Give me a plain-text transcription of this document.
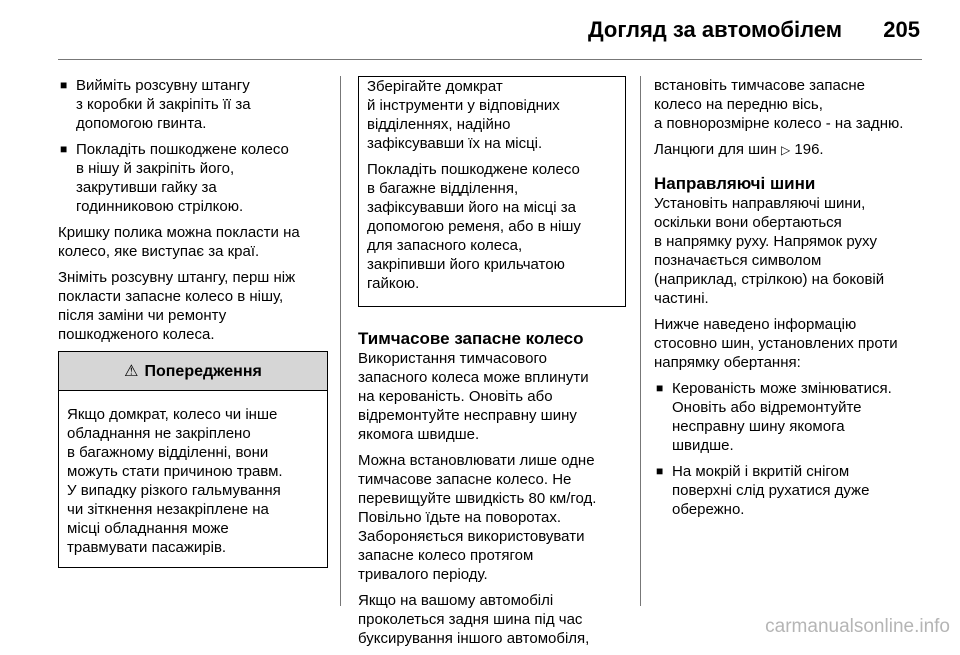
Догляд за автомобілем 205
■ Вийміть розсувну штангу
з коробки й закріпіть її за
допомогою гвинта.
■ Покладіть пошкоджене колесо
в нішу й закріпіть його,
закрутивши гайку за
годинниковою стрілкою.
Кришку полика можна покласти на
колесо, яке виступає за краї.
Зніміть розсувну штангу, перш ніж
покласти запасне колесо в нішу,
після заміни чи ремонту
пошкодженого колеса.
⚠ Попередження
Якщо домкрат, колесо чи інше
обладнання не закріплено
в багажному відділенні, вони
можуть стати причиною травм.
У випадку різкого гальмування
чи зіткнення незакріплене на
місці обладнання може
травмувати пасажирів.
Зберігайте домкрат
й інструменти у відповідних
відділеннях, надійно
зафіксувавши їх на місці.
Покладіть пошкоджене колесо
в багажне відділення,
зафіксувавши його на місці за
допомогою ременя, або в нішу
для запасного колеса,
закріпивши його крильчатою
гайкою.
Тимчасове запасне колесо
Використання тимчасового
запасного колеса може вплинути
на керованість. Оновіть або
відремонтуйте несправну шину
якомога швидше.
Можна встановлювати лише одне
тимчасове запасне колесо. Не
перевищуйте швидкість 80 км/год.
Повільно їдьте на поворотах.
Забороняється використовувати
запасне колесо протягом
тривалого періоду.
Якщо на вашому автомобілі
проколеться задня шина під час
буксирування іншого автомобіля,
встановіть тимчасове запасне
колесо на передню вісь,
а повнорозмірне колесо - на задню.
Ланцюги для шин ▷ 196.
Направляючі шини
Установіть направляючі шини,
оскільки вони обертаються
в напрямку руху. Напрямок руху
позначається символом
(наприклад, стрілкою) на боковій
частині.
Нижче наведено інформацію
стосовно шин, установлених проти
напрямку обертання:
■ Керованість може змінюватися.
Оновіть або відремонтуйте
несправну шину якомога
швидше.
■ На мокрій і вкритій снігом
поверхні слід рухатися дуже
обережно.
carmanualsonline.info
